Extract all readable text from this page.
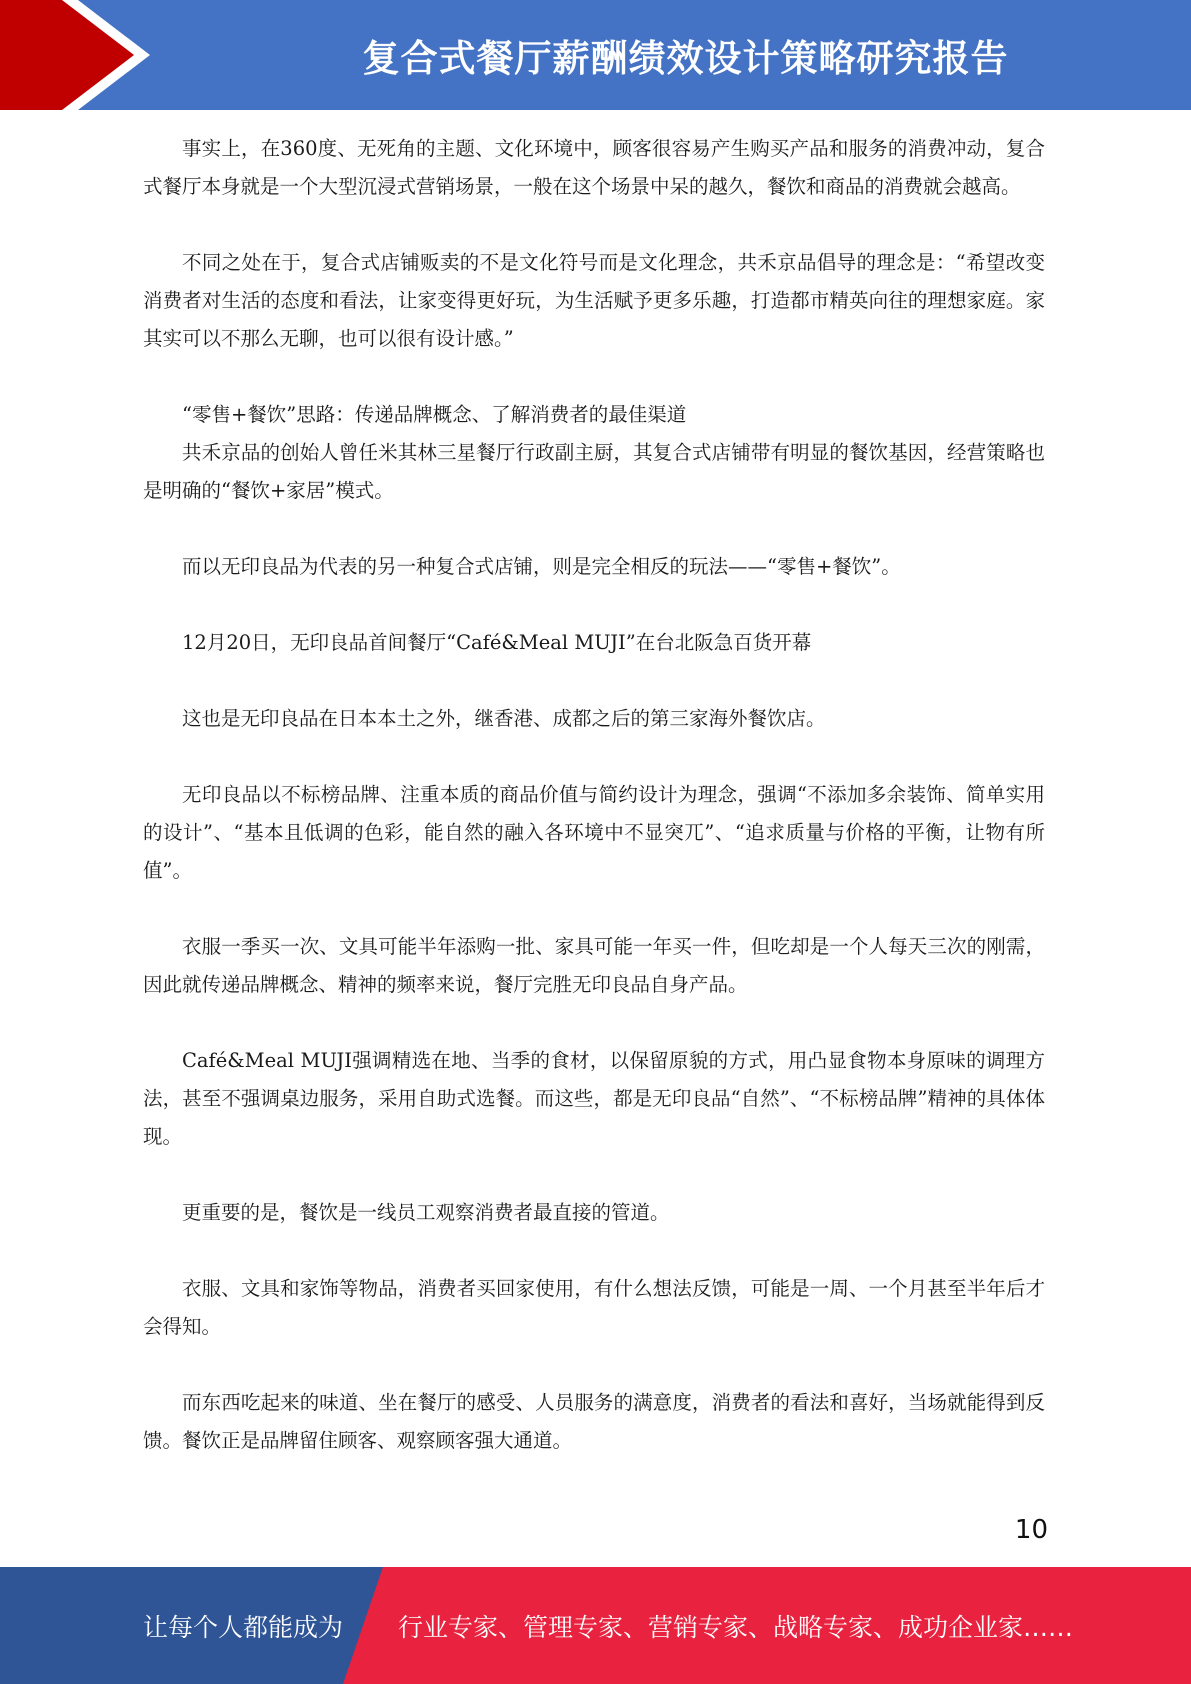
复合式餐厅薪酬绩效设计策略研究报告

事实上，在360度、无死角的主题、文化环境中，顾客很容易产生购买产品和服务的消费冲动，复合式餐厅本身就是一个大型沉浸式营销场景，一般在这个场景中呆的越久，餐饮和商品的消费就会越高。

不同之处在于，复合式店铺贩卖的不是文化符号而是文化理念，共禾京品倡导的理念是：“希望改变消费者对生活的态度和看法，让家变得更好玩，为生活赋予更多乐趣，打造都市精英向往的理想家庭。家其实可以不那么无聊，也可以很有设计感。”

“零售+餐饮”思路：传递品牌概念、了解消费者的最佳渠道

共禾京品的创始人曾任米其林三星餐厅行政副主厨，其复合式店铺带有明显的餐饮基因，经营策略也是明确的“餐饮+家居”模式。

而以无印良品为代表的另一种复合式店铺，则是完全相反的玩法——“零售+餐饮”。

12月20日，无印良品首间餐厅“Café&Meal MUJI”在台北阪急百货开幕

这也是无印良品在日本本土之外，继香港、成都之后的第三家海外餐饮店。

无印良品以不标榜品牌、注重本质的商品价值与简约设计为理念，强调“不添加多余装饰、简单实用的设计”、“基本且低调的色彩，能自然的融入各环境中不显突兀”、“追求质量与价格的平衡，让物有所值”。

衣服一季买一次、文具可能半年添购一批、家具可能一年买一件，但吃却是一个人每天三次的刚需，因此就传递品牌概念、精神的频率来说，餐厅完胜无印良品自身产品。

Café&Meal MUJI强调精选在地、当季的食材，以保留原貌的方式，用凸显食物本身原味的调理方法，甚至不强调桌边服务，采用自助式选餐。而这些，都是无印良品“自然”、“不标榜品牌”精神的具体体现。

更重要的是，餐饮是一线员工观察消费者最直接的管道。

衣服、文具和家饰等物品，消费者买回家使用，有什么想法反馈，可能是一周、一个月甚至半年后才会得知。

而东西吃起来的味道、坐在餐厅的感受、人员服务的满意度，消费者的看法和喜好，当场就能得到反馈。餐饮正是品牌留住顾客、观察顾客强大通道。

10
让每个人都能成为 行业专家、管理专家、营销专家、战略专家、成功企业家……
